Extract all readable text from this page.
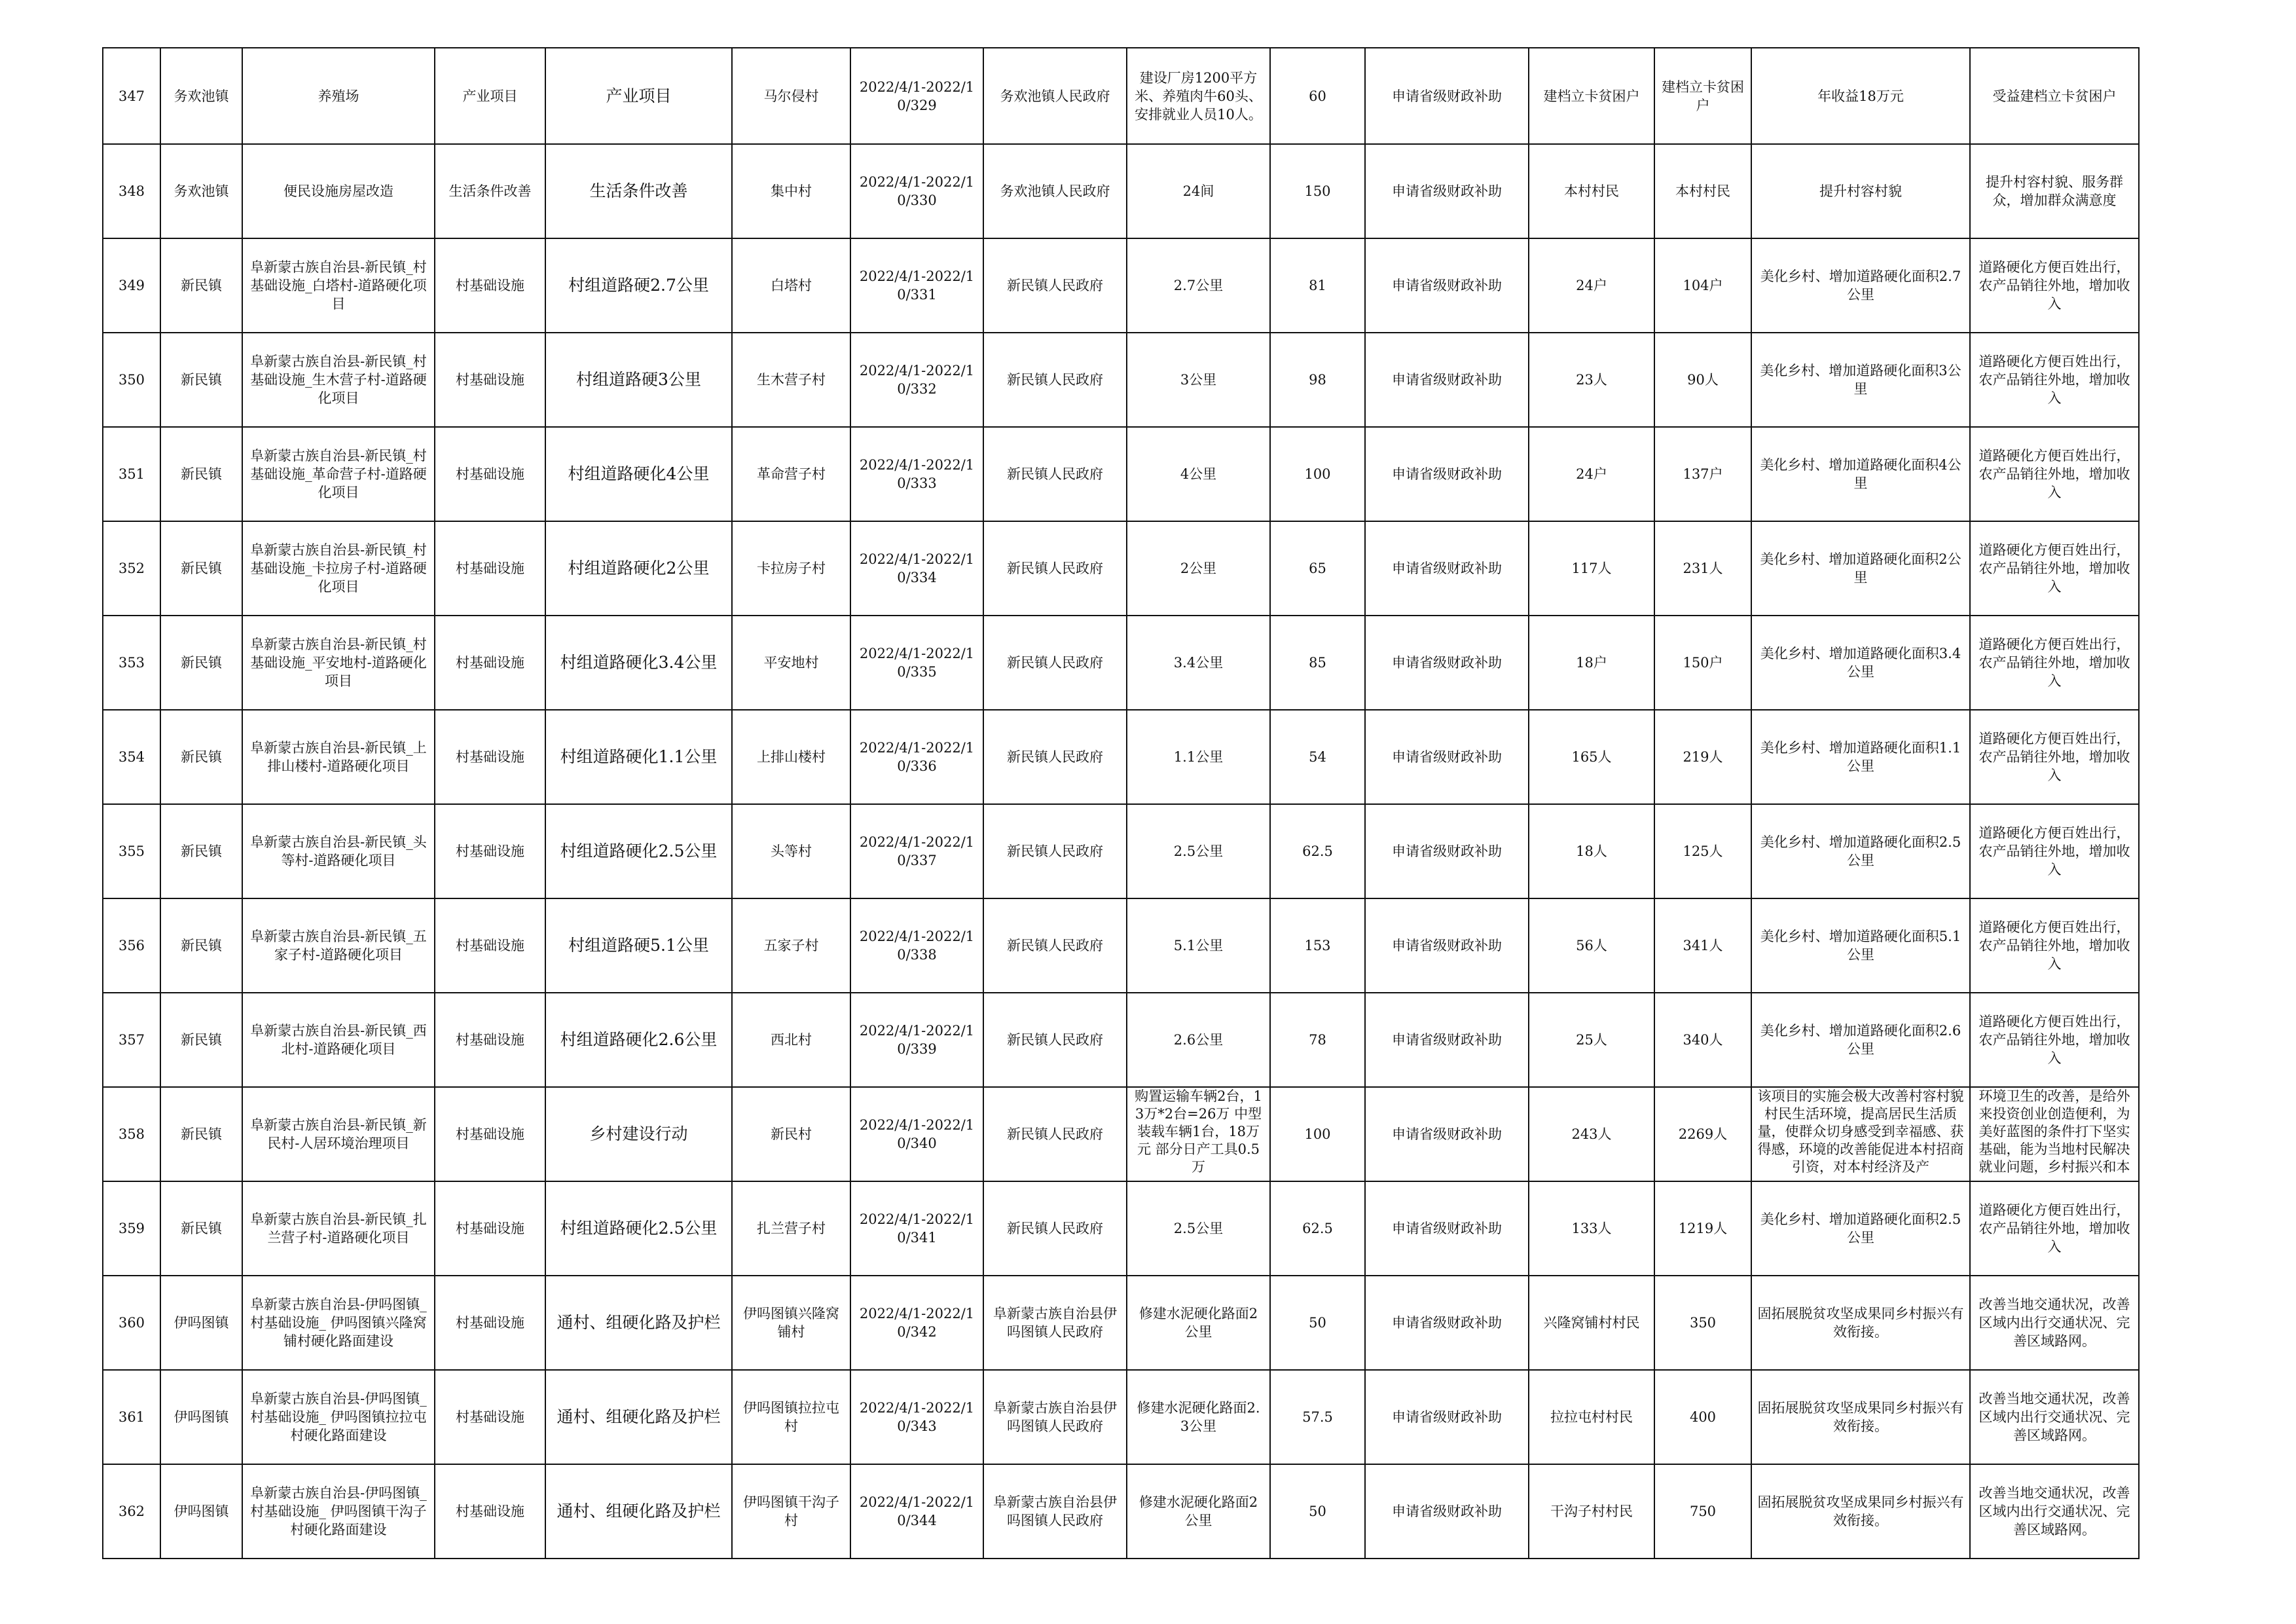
347	务欢池镇	养殖场	产业项目	产业项目	马尔侵村	2022/4/1-2022/10/329	务欢池镇人民政府	建设厂房1200平方米、养殖肉牛60头、安排就业人员10人。	60	申请省级财政补助	建档立卡贫困户	建档立卡贫困户	年收益18万元	受益建档立卡贫困户
348	务欢池镇	便民设施房屋改造	生活条件改善	生活条件改善	集中村	2022/4/1-2022/10/330	务欢池镇人民政府	24间	150	申请省级财政补助	本村村民	本村村民	提升村容村貌	提升村容村貌、服务群众，增加群众满意度
349	新民镇	阜新蒙古族自治县-新民镇_村基础设施_白塔村-道路硬化项目	村基础设施	村组道路硬2.7公里	白塔村	2022/4/1-2022/10/331	新民镇人民政府	2.7公里	81	申请省级财政补助	24户	104户	美化乡村、增加道路硬化面积2.7公里	道路硬化方便百姓出行，农产品销往外地，增加收入
350	新民镇	阜新蒙古族自治县-新民镇_村基础设施_生木营子村-道路硬化项目	村基础设施	村组道路硬3公里	生木营子村	2022/4/1-2022/10/332	新民镇人民政府	3公里	98	申请省级财政补助	23人	90人	美化乡村、增加道路硬化面积3公里	道路硬化方便百姓出行，农产品销往外地，增加收入
351	新民镇	阜新蒙古族自治县-新民镇_村基础设施_革命营子村-道路硬化项目	村基础设施	村组道路硬化4公里	革命营子村	2022/4/1-2022/10/333	新民镇人民政府	4公里	100	申请省级财政补助	24户	137户	美化乡村、增加道路硬化面积4公里	道路硬化方便百姓出行，农产品销往外地，增加收入
352	新民镇	阜新蒙古族自治县-新民镇_村基础设施_卡拉房子村-道路硬化项目	村基础设施	村组道路硬化2公里	卡拉房子村	2022/4/1-2022/10/334	新民镇人民政府	2公里	65	申请省级财政补助	117人	231人	美化乡村、增加道路硬化面积2公里	道路硬化方便百姓出行，农产品销往外地，增加收入
353	新民镇	阜新蒙古族自治县-新民镇_村基础设施_平安地村-道路硬化项目	村基础设施	村组道路硬化3.4公里	平安地村	2022/4/1-2022/10/335	新民镇人民政府	3.4公里	85	申请省级财政补助	18户	150户	美化乡村、增加道路硬化面积3.4公里	道路硬化方便百姓出行，农产品销往外地，增加收入
354	新民镇	阜新蒙古族自治县-新民镇_上排山楼村-道路硬化项目	村基础设施	村组道路硬化1.1公里	上排山楼村	2022/4/1-2022/10/336	新民镇人民政府	1.1公里	54	申请省级财政补助	165人	219人	美化乡村、增加道路硬化面积1.1公里	道路硬化方便百姓出行，农产品销往外地，增加收入
355	新民镇	阜新蒙古族自治县-新民镇_头等村-道路硬化项目	村基础设施	村组道路硬化2.5公里	头等村	2022/4/1-2022/10/337	新民镇人民政府	2.5公里	62.5	申请省级财政补助	18人	125人	美化乡村、增加道路硬化面积2.5公里	道路硬化方便百姓出行，农产品销往外地，增加收入
356	新民镇	阜新蒙古族自治县-新民镇_五家子村-道路硬化项目	村基础设施	村组道路硬5.1公里	五家子村	2022/4/1-2022/10/338	新民镇人民政府	5.1公里	153	申请省级财政补助	56人	341人	美化乡村、增加道路硬化面积5.1公里	道路硬化方便百姓出行，农产品销往外地，增加收入
357	新民镇	阜新蒙古族自治县-新民镇_西北村-道路硬化项目	村基础设施	村组道路硬化2.6公里	西北村	2022/4/1-2022/10/339	新民镇人民政府	2.6公里	78	申请省级财政补助	25人	340人	美化乡村、增加道路硬化面积2.6公里	道路硬化方便百姓出行，农产品销往外地，增加收入
358	新民镇	阜新蒙古族自治县-新民镇_新民村-人居环境治理项目	村基础设施	乡村建设行动	新民村	2022/4/1-2022/10/340	新民镇人民政府	购置运输车辆2台，13万*2台=26万 中型装载车辆1台，18万元 部分日产工具0.5万	100	申请省级财政补助	243人	2269人	该项目的实施会极大改善村容村貌村民生活环境，提高居民生活质量，使群众切身感受到幸福感、获得感，环境的改善能促进本村招商引资，对本村经济及产	环境卫生的改善，是给外来投资创业创造便利，为美好蓝图的条件打下坚实基础，能为当地村民解决就业问题，乡村振兴和本

359	新民镇	阜新蒙古族自治县-新民镇_扎兰营子村-道路硬化项目	村基础设施	村组道路硬化2.5公里	扎兰营子村	2022/4/1-2022/10/341	新民镇人民政府	2.5公里	62.5	申请省级财政补助	133人	1219人	美化乡村、增加道路硬化面积2.5公里	道路硬化方便百姓出行，农产品销往外地，增加收入
360	伊吗图镇	阜新蒙古族自治县-伊吗图镇_村基础设施_ 伊吗图镇兴隆窝铺村硬化路面建设	村基础设施	通村、组硬化路及护栏	伊吗图镇兴隆窝铺村	2022/4/1-2022/10/342	阜新蒙古族自治县伊吗图镇人民政府	修建水泥硬化路面2公里	50	申请省级财政补助	兴隆窝铺村村民	350	固拓展脱贫攻坚成果同乡村振兴有效衔接。	改善当地交通状况，改善区域内出行交通状况、完善区域路网。
361	伊吗图镇	阜新蒙古族自治县-伊吗图镇_村基础设施_ 伊吗图镇拉拉屯村硬化路面建设	村基础设施	通村、组硬化路及护栏	伊吗图镇拉拉屯村	2022/4/1-2022/10/343	阜新蒙古族自治县伊吗图镇人民政府	修建水泥硬化路面2.3公里	57.5	申请省级财政补助	拉拉屯村村民	400	固拓展脱贫攻坚成果同乡村振兴有效衔接。	改善当地交通状况，改善区域内出行交通状况、完善区域路网。
362	伊吗图镇	阜新蒙古族自治县-伊吗图镇_村基础设施_ 伊吗图镇干沟子村硬化路面建设	村基础设施	通村、组硬化路及护栏	伊吗图镇干沟子村	2022/4/1-2022/10/344	阜新蒙古族自治县伊吗图镇人民政府	修建水泥硬化路面2公里	50	申请省级财政补助	干沟子村村民	750	固拓展脱贫攻坚成果同乡村振兴有效衔接。	改善当地交通状况，改善区域内出行交通状况、完善区域路网。
